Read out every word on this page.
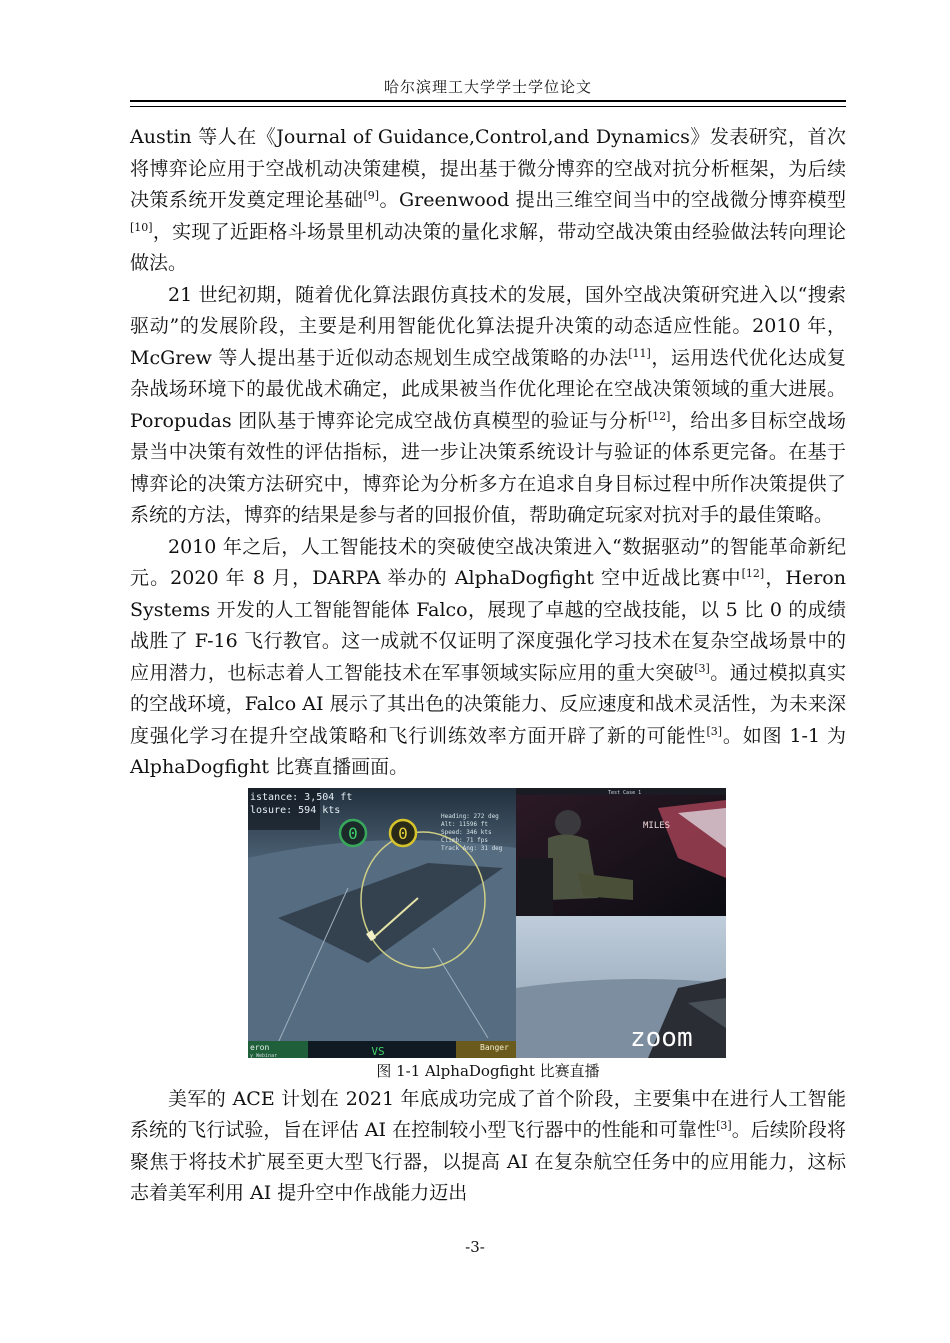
哈尔滨理工大学学士学位论文

Austin 等人在《Journal of Guidance,Control,and Dynamics》发表研究，首次将博弈论应用于空战机动决策建模，提出基于微分博弈的空战对抗分析框架，为后续决策系统开发奠定理论基础[9]。Greenwood 提出三维空间当中的空战微分博弈模型[10]，实现了近距格斗场景里机动决策的量化求解，带动空战决策由经验做法转向理论做法。

21 世纪初期，随着优化算法跟仿真技术的发展，国外空战决策研究进入以“搜索驱动”的发展阶段，主要是利用智能优化算法提升决策的动态适应性能。2010 年，McGrew 等人提出基于近似动态规划生成空战策略的办法[11]，运用迭代优化达成复杂战场环境下的最优战术确定，此成果被当作优化理论在空战决策领域的重大进展。Poropudas 团队基于博弈论完成空战仿真模型的验证与分析[12]，给出多目标空战场景当中决策有效性的评估指标，进一步让决策系统设计与验证的体系更完备。在基于博弈论的决策方法研究中，博弈论为分析多方在追求自身目标过程中所作决策提供了系统的方法，博弈的结果是参与者的回报价值，帮助确定玩家对抗对手的最佳策略。

2010 年之后，人工智能技术的突破使空战决策进入“数据驱动”的智能革命新纪元。2020 年 8 月，DARPA 举办的 AlphaDogfight 空中近战比赛中[12]，Heron Systems 开发的人工智能智能体 Falco，展现了卓越的空战技能，以 5 比 0 的成绩战胜了 F-16 飞行教官。这一成就不仅证明了深度强化学习技术在复杂空战场景中的应用潜力，也标志着人工智能技术在军事领域实际应用的重大突破[3]。通过模拟真实的空战环境，Falco AI 展示了其出色的决策能力、反应速度和战术灵活性，为未来深度强化学习在提升空战策略和飞行训练效率方面开辟了新的可能性[3]。如图 1-1 为 AlphaDogfight 比赛直播画面。

istance: 3,504 ft
losure: 594 kts
0	0
Heading: 272 deg
Alt: 11596 ft
Speed: 346 kts
Climb: 71 fps
Track Ang: 31 deg
eron
y Webinar	VS	Banger
Test Case 1
MILES
zoom

图 1-1 AlphaDogfight 比赛直播

美军的 ACE 计划在 2021 年底成功完成了首个阶段，主要集中在进行人工智能系统的飞行试验，旨在评估 AI 在控制较小型飞行器中的性能和可靠性[3]。后续阶段将聚焦于将技术扩展至更大型飞行器，以提高 AI 在复杂航空任务中的应用能力，这标志着美军利用 AI 提升空中作战能力迈出

-3-
